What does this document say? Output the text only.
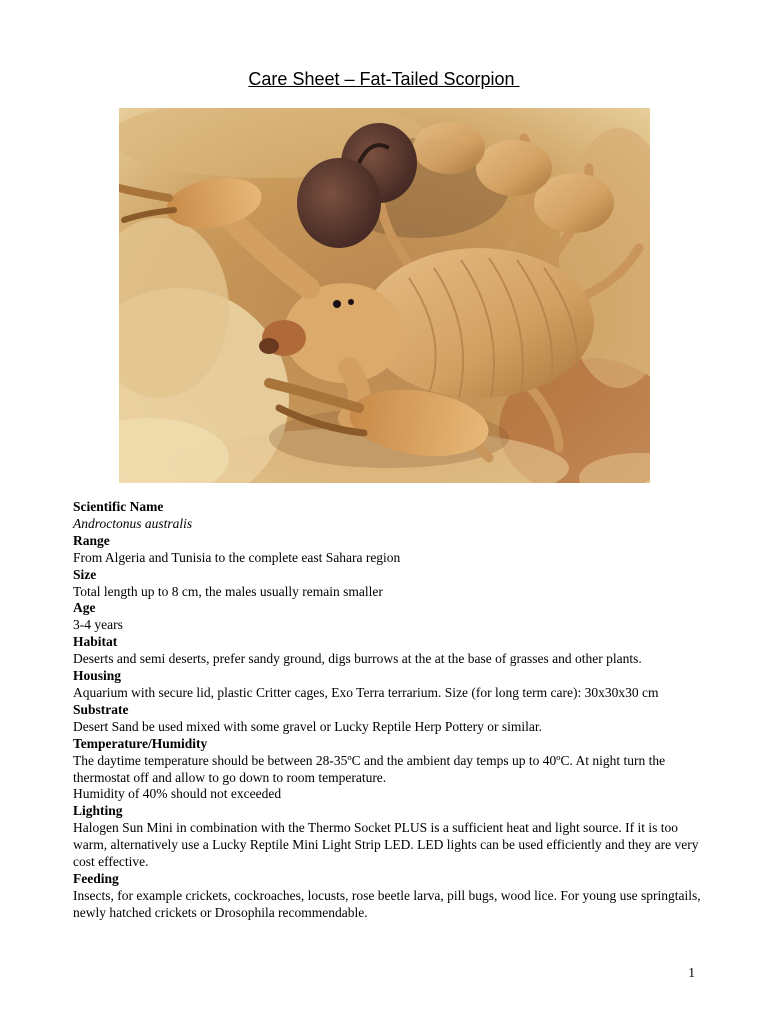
Care Sheet – Fat-Tailed Scorpion

Scientific Name

Androctonus australis

Range

From Algeria and Tunisia to the complete east Sahara region

Size

Total length up to 8 cm, the males usually remain smaller

Age

3-4 years

Habitat

Deserts and semi deserts, prefer sandy ground, digs burrows at the at the base of grasses and other plants.

Housing

Aquarium with secure lid, plastic Critter cages, Exo Terra terrarium. Size (for long term care): 30x30x30 cm

Substrate

Desert Sand be used mixed with some gravel or Lucky Reptile Herp Pottery or similar.

Temperature/Humidity

The daytime temperature should be between 28-35ºC and the ambient day temps up to 40ºC. At night turn the thermostat off and allow to go down to room temperature.

Humidity of 40% should not exceeded

Lighting

Halogen Sun Mini in combination with the Thermo Socket PLUS is a sufficient heat and light source. If it is too warm, alternatively use a Lucky Reptile Mini Light Strip LED. LED lights can be used efficiently and they are very cost effective.

Feeding

Insects, for example crickets, cockroaches, locusts, rose beetle larva, pill bugs, wood lice. For young use springtails, newly hatched crickets or Drosophila recommendable.

1
